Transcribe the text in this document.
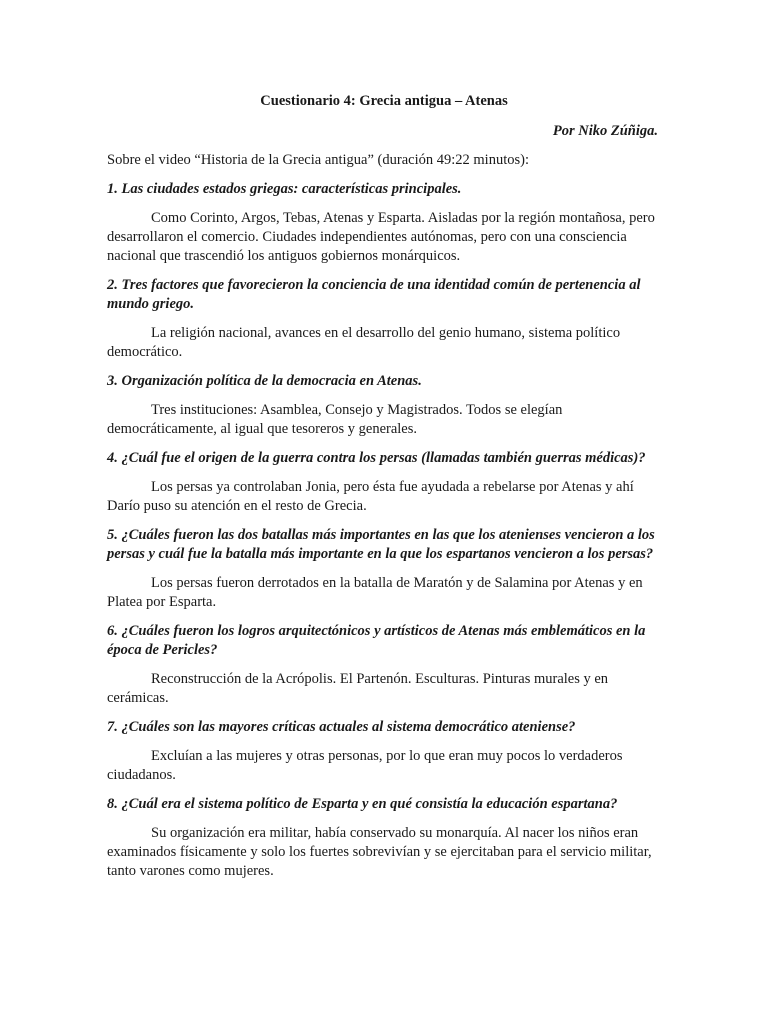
Cuestionario 4: Grecia antigua – Atenas
Por Niko Zúñiga.
Sobre el video “Historia de la Grecia antigua” (duración 49:22 minutos):

1. Las ciudades estados griegas: características principales.

Como Corinto, Argos, Tebas, Atenas y Esparta. Aisladas por la región montañosa, pero desarrollaron el comercio. Ciudades independientes autónomas, pero con una consciencia nacional que trascendió los antiguos gobiernos monárquicos.

2. Tres factores que favorecieron la conciencia de una identidad común de pertenencia al mundo griego.

La religión nacional, avances en el desarrollo del genio humano, sistema político democrático.

3. Organización política de la democracia en Atenas.

Tres instituciones: Asamblea, Consejo y Magistrados. Todos se elegían democráticamente, al igual que tesoreros y generales.

4. ¿Cuál fue el origen de la guerra contra los persas (llamadas también guerras médicas)?

Los persas ya controlaban Jonia, pero ésta fue ayudada a rebelarse por Atenas y ahí Darío puso su atención en el resto de Grecia.

5. ¿Cuáles fueron las dos batallas más importantes en las que los atenienses vencieron a los persas y cuál fue la batalla más importante en la que los espartanos vencieron a los persas?

Los persas fueron derrotados en la batalla de Maratón y de Salamina por Atenas y en Platea por Esparta.

6. ¿Cuáles fueron los logros arquitectónicos y artísticos de Atenas más emblemáticos en la época de Pericles?

Reconstrucción de la Acrópolis. El Partenón. Esculturas. Pinturas murales y en cerámicas.

7. ¿Cuáles son las mayores críticas actuales al sistema democrático ateniense?

Excluían a las mujeres y otras personas, por lo que eran muy pocos lo verdaderos ciudadanos.

8. ¿Cuál era el sistema político de Esparta y en qué consistía la educación espartana?

Su organización era militar, había conservado su monarquía. Al nacer los niños eran examinados físicamente y solo los fuertes sobrevivían y se ejercitaban para el servicio militar, tanto varones como mujeres.
